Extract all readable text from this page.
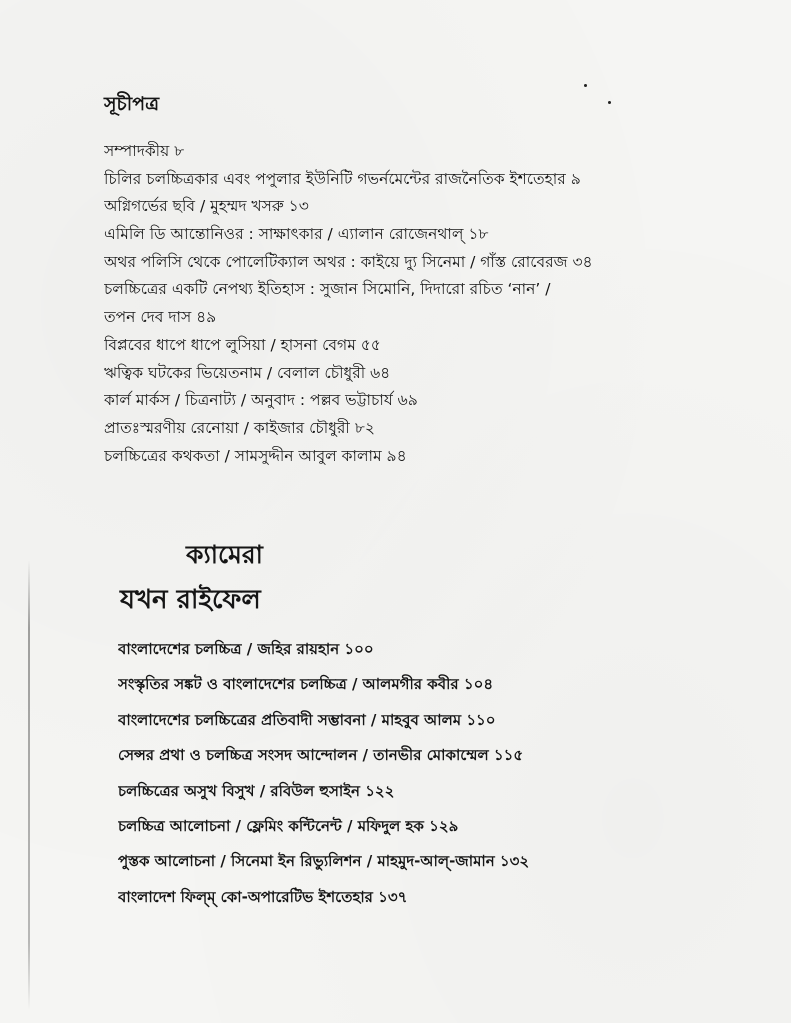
সূচীপত্র
সম্পাদকীয় ৮
চিলির চলচ্চিত্রকার এবং পপুলার ইউনিটি গভর্নমেন্টের রাজনৈতিক ইশতেহার ৯
অগ্নিগর্ভের ছবি / মুহম্মদ খসরু ১৩
এমিলি ডি আন্তোনিওর : সাক্ষাৎকার / এ্যালান রোজেনথাল্ ১৮
অথর পলিসি থেকে পোলেটিক্যাল অথর : কাইয়ে দ্যু সিনেমা / গাঁস্ত রোবেরজ ৩৪
চলচ্চিত্রের একটি নেপথ্য ইতিহাস : সুজান সিমোনি, দিদারো রচিত ‘নান’ /
তপন দেব দাস ৪৯
বিপ্লবের ধাপে ধাপে লুসিয়া / হাসনা বেগম ৫৫
ঋত্বিক ঘটকের ভিয়েতনাম / বেলাল চৌধুরী ৬৪
কার্ল মার্কস / চিত্রনাট্য / অনুবাদ : পল্লব ভট্টাচার্য ৬৯
প্রাতঃস্মরণীয় রেনোয়া / কাইজার চৌধুরী ৮২
চলচ্চিত্রের কথকতা / সামসুদ্দীন আবুল কালাম ৯৪
ক্যামেরা
যখন রাইফেল
বাংলাদেশের চলচ্চিত্র / জহির রায়হান ১০০
সংস্কৃতির সঙ্কট ও বাংলাদেশের চলচ্চিত্র / আলমগীর কবীর ১০৪
বাংলাদেশের চলচ্চিত্রের প্রতিবাদী সম্ভাবনা / মাহবুব আলম ১১০
সেন্সর প্রথা ও চলচ্চিত্র সংসদ আন্দোলন / তানভীর মোকাম্মেল ১১৫
চলচ্চিত্রের অসুখ বিসুখ / রবিউল হুসাইন ১২২
চলচ্চিত্র আলোচনা / ফ্লেমিং কন্টিনেন্ট / মফিদুল হক ১২৯
পুস্তক আলোচনা / সিনেমা ইন রিভ্যুলিশন / মাহমুদ-আল্-জামান ১৩২
বাংলাদেশ ফিল্ম্ কো-অপারেটিভ ইশতেহার ১৩৭
